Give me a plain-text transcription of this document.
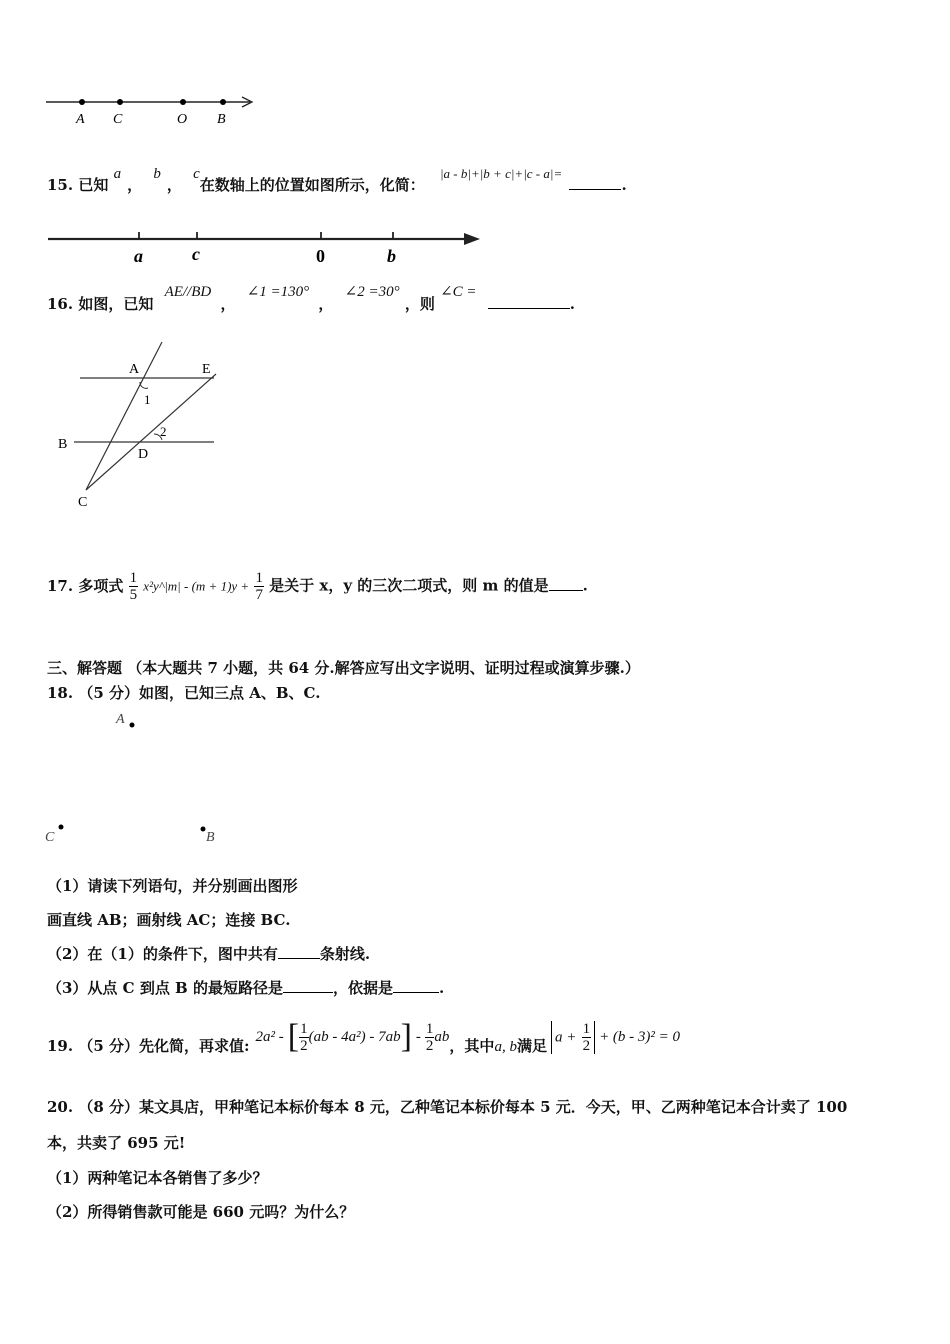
A C	O B
15. 已知 a， b， c在数轴上的位置如图所示，化简： |a - b|+|b + c|+|c - a|= .
a	c	0	b
16. 如图，已知 AE//BD ， ∠1 =130° ， ∠2 =30° ，则 ∠C = .
A	E
1
B
2
D
C
17. 多项式 $\frac{1}{5}$ x²y^|m| - $(m + 1)y + \frac{1}{7}$ 是关于 x，y 的三次二项式，则 m 的值是 .
三、解答题 （本大题共 7 小题，共 64 分.解答应写出文字说明、证明过程或演算步骤.）
18. （5 分）如图，已知三点 A、B、C.
A
C	B
（1）请读下列语句，并分别画出图形
画直线 AB；画射线 AC；连接 BC.
（2）在（1）的条件下，图中共有	条射线.
（3）从点 C 到点 B 的最短路径是	，依据是	.
19. （5 分）先化简，再求值: 2a² - [ $\frac{1}{2} (ab - 4a^2) - 7ab$ ] - $\frac{1}{2}$ ab ，其中 a, b 满足 $a + \frac{1}{2} + (b - 3)^2 = 0$
20. （8 分）某文具店，甲种笔记本标价每本 8 元，乙种笔记本标价每本 5 元．今天，甲、乙两种笔记本合计卖了 100
本，共卖了 695 元!
（1）两种笔记本各销售了多少？
（2）所得销售款可能是 660 元吗？为什么？
